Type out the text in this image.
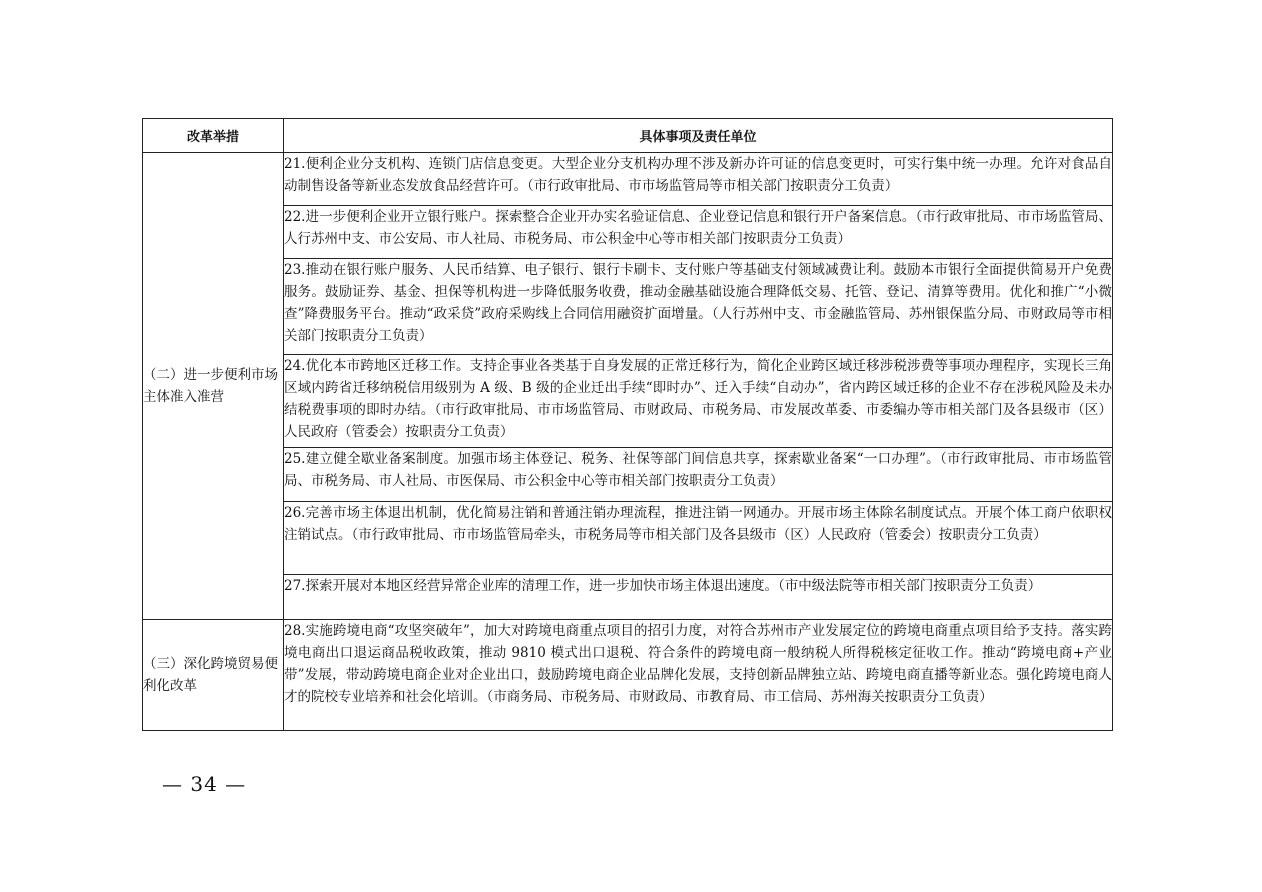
改革举措	具体事项及责任单位
（二）进一步便利市场主体准入准营	21.便利企业分支机构、连锁门店信息变更。大型企业分支机构办理不涉及新办许可证的信息变更时，可实行集中统一办理。允许对食品自动制售设备等新业态发放食品经营许可。（市行政审批局、市市场监管局等市相关部门按职责分工负责）
	22.进一步便利企业开立银行账户。探索整合企业开办实名验证信息、企业登记信息和银行开户备案信息。（市行政审批局、市市场监管局、人行苏州中支、市公安局、市人社局、市税务局、市公积金中心等市相关部门按职责分工负责）
	23.推动在银行账户服务、人民币结算、电子银行、银行卡刷卡、支付账户等基础支付领域减费让利。鼓励本市银行全面提供简易开户免费服务。鼓励证券、基金、担保等机构进一步降低服务收费，推动金融基础设施合理降低交易、托管、登记、清算等费用。优化和推广“小微查”降费服务平台。推动“政采贷”政府采购线上合同信用融资扩面增量。（人行苏州中支、市金融监管局、苏州银保监分局、市财政局等市相关部门按职责分工负责）
	24.优化本市跨地区迁移工作。支持企事业各类基于自身发展的正常迁移行为，简化企业跨区域迁移涉税涉费等事项办理程序，实现长三角区域内跨省迁移纳税信用级别为 A 级、B 级的企业迁出手续“即时办”、迁入手续“自动办”，省内跨区域迁移的企业不存在涉税风险及未办结税费事项的即时办结。（市行政审批局、市市场监管局、市财政局、市税务局、市发展改革委、市委编办等市相关部门及各县级市（区）人民政府（管委会）按职责分工负责）
	25.建立健全歇业备案制度。加强市场主体登记、税务、社保等部门间信息共享，探索歇业备案“一口办理”。（市行政审批局、市市场监管局、市税务局、市人社局、市医保局、市公积金中心等市相关部门按职责分工负责）
	26.完善市场主体退出机制，优化简易注销和普通注销办理流程，推进注销一网通办。开展市场主体除名制度试点。开展个体工商户依职权注销试点。（市行政审批局、市市场监管局牵头，市税务局等市相关部门及各县级市（区）人民政府（管委会）按职责分工负责）
	27.探索开展对本地区经营异常企业库的清理工作，进一步加快市场主体退出速度。（市中级法院等市相关部门按职责分工负责）
（三）深化跨境贸易便利化改革	28.实施跨境电商“攻坚突破年”，加大对跨境电商重点项目的招引力度，对符合苏州市产业发展定位的跨境电商重点项目给予支持。落实跨境电商出口退运商品税收政策，推动 9810 模式出口退税、符合条件的跨境电商一般纳税人所得税核定征收工作。推动“跨境电商+产业带”发展，带动跨境电商企业对企业出口，鼓励跨境电商企业品牌化发展，支持创新品牌独立站、跨境电商直播等新业态。强化跨境电商人才的院校专业培养和社会化培训。（市商务局、市税务局、市财政局、市教育局、市工信局、苏州海关按职责分工负责）
— 34 —
